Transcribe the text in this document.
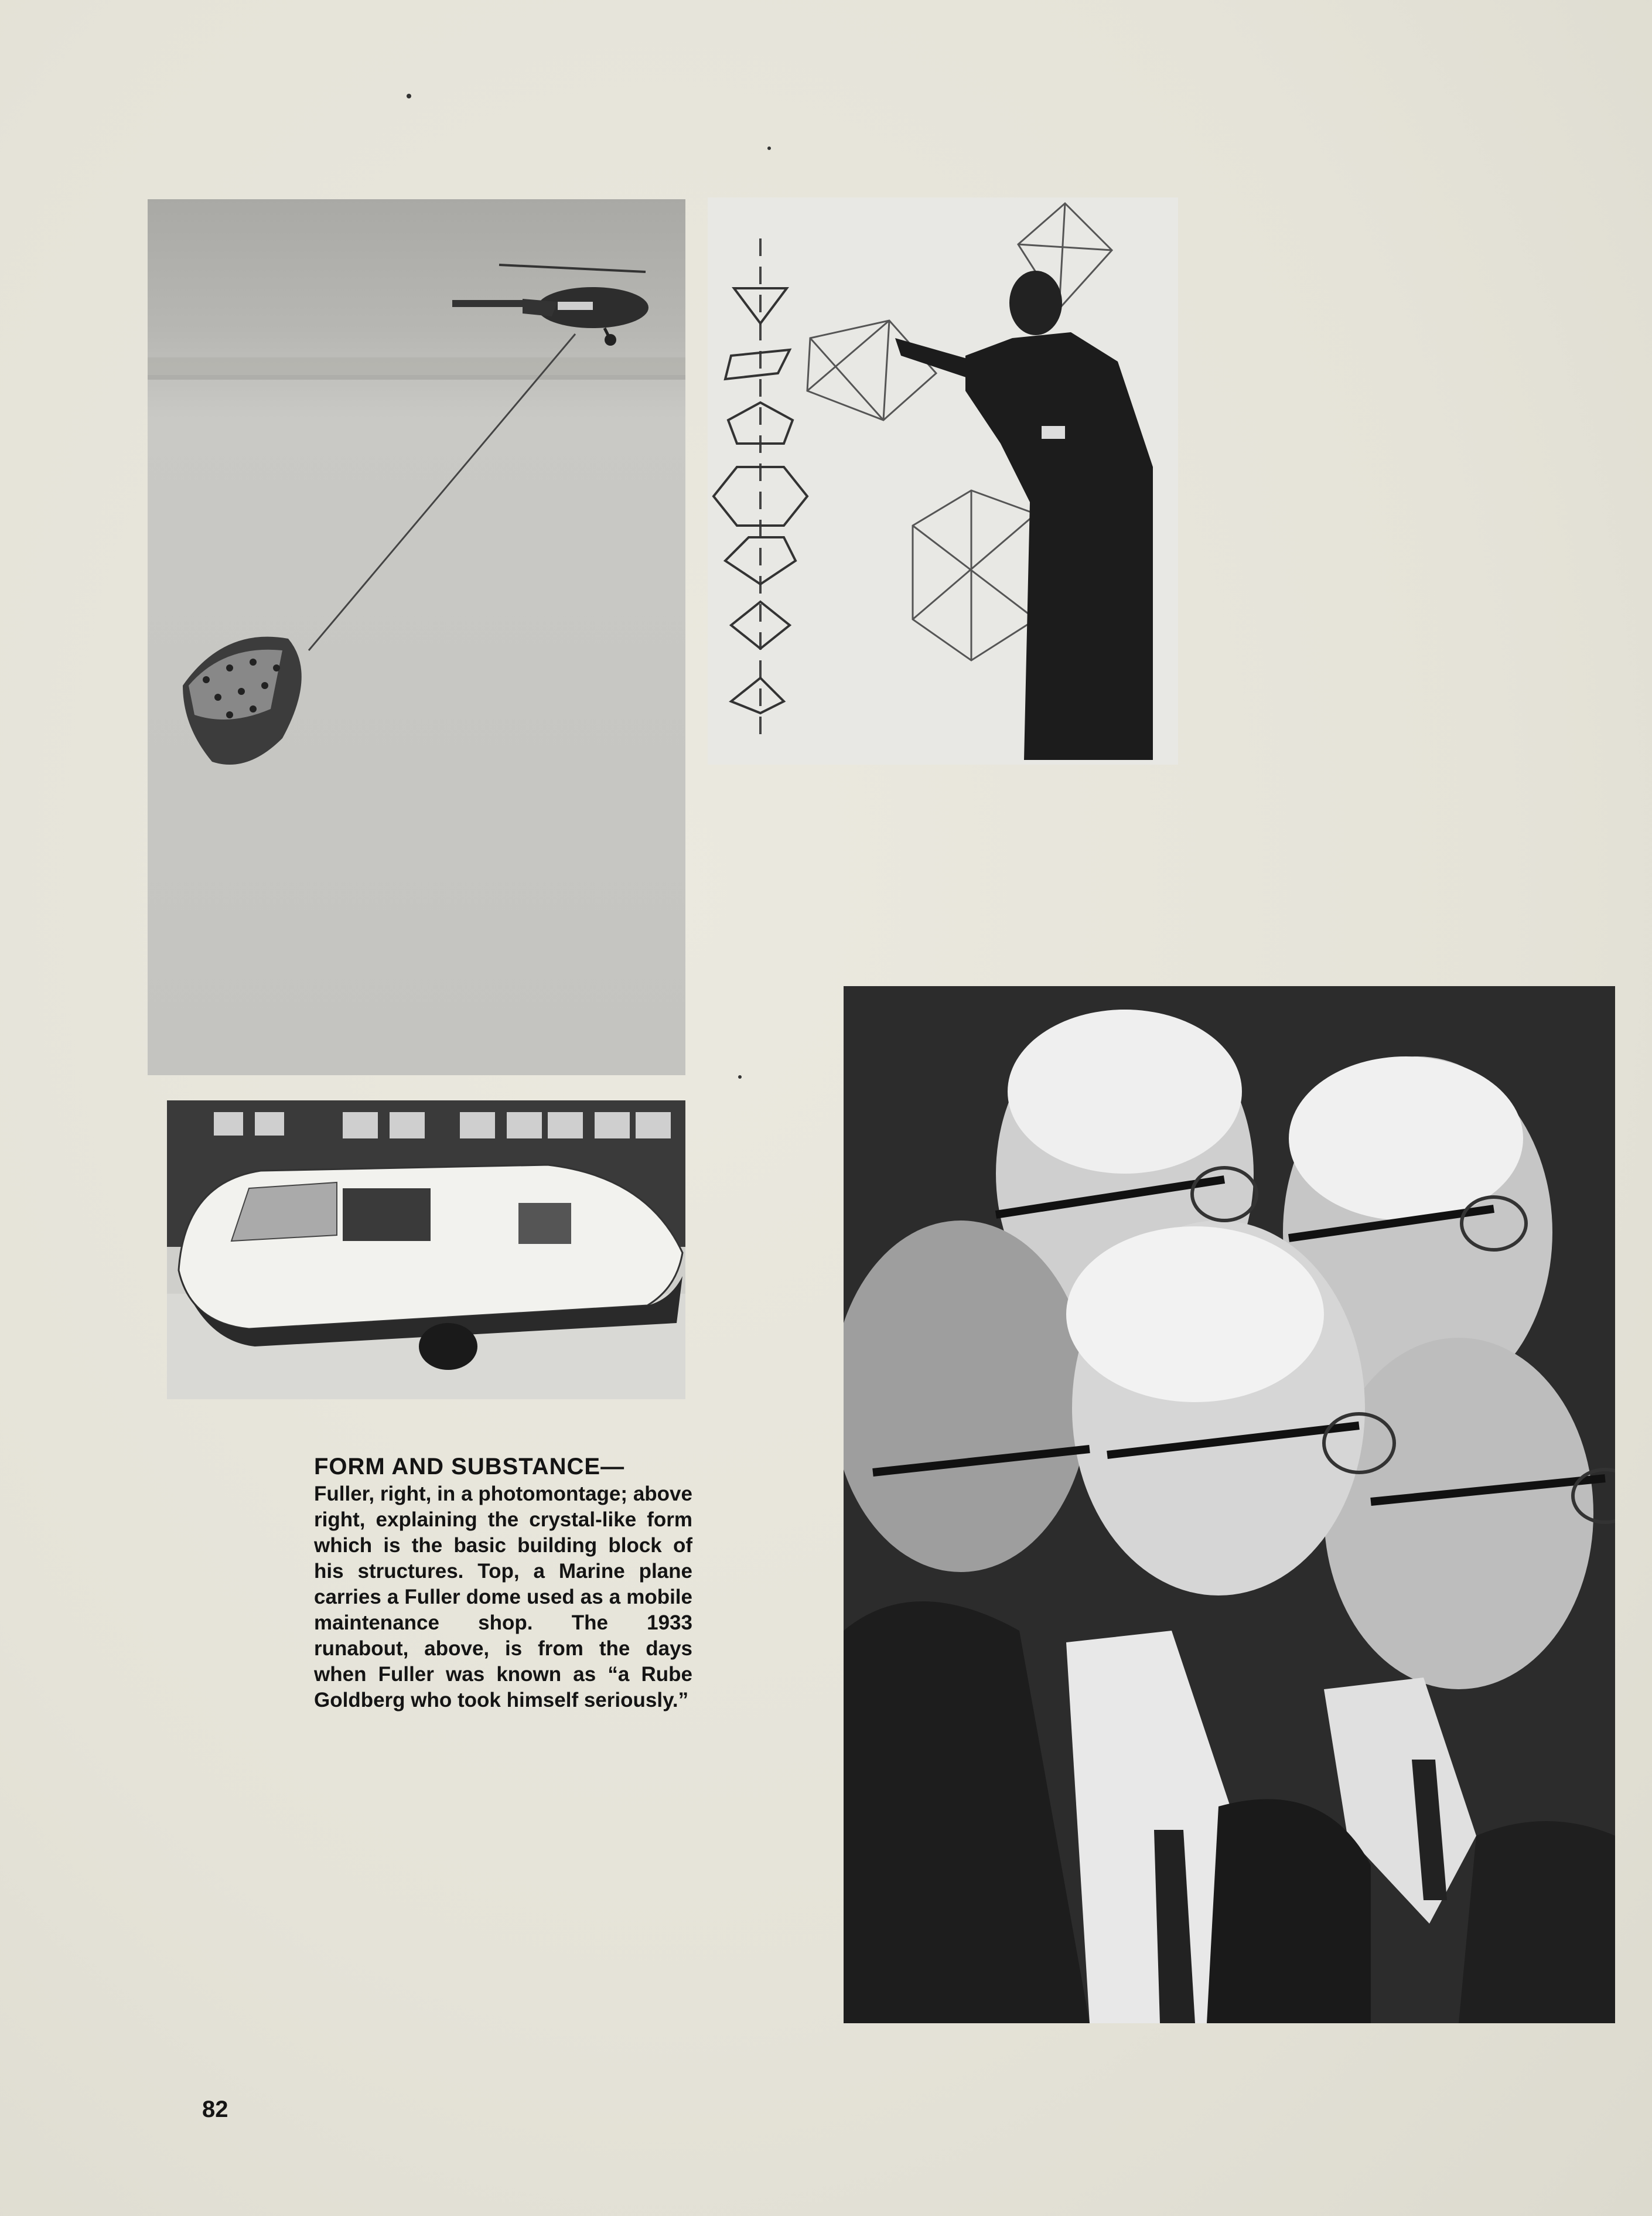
FORM AND SUBSTANCE—
Fuller, right, in a photomontage; above right, explaining the crystal-like form which is the basic building block of his structures. Top, a Marine plane carries a Fuller dome used as a mobile maintenance shop. The 1933 runabout, above, is from the days when Fuller was known as “a Rube Goldberg who took himself seriously.”
82
